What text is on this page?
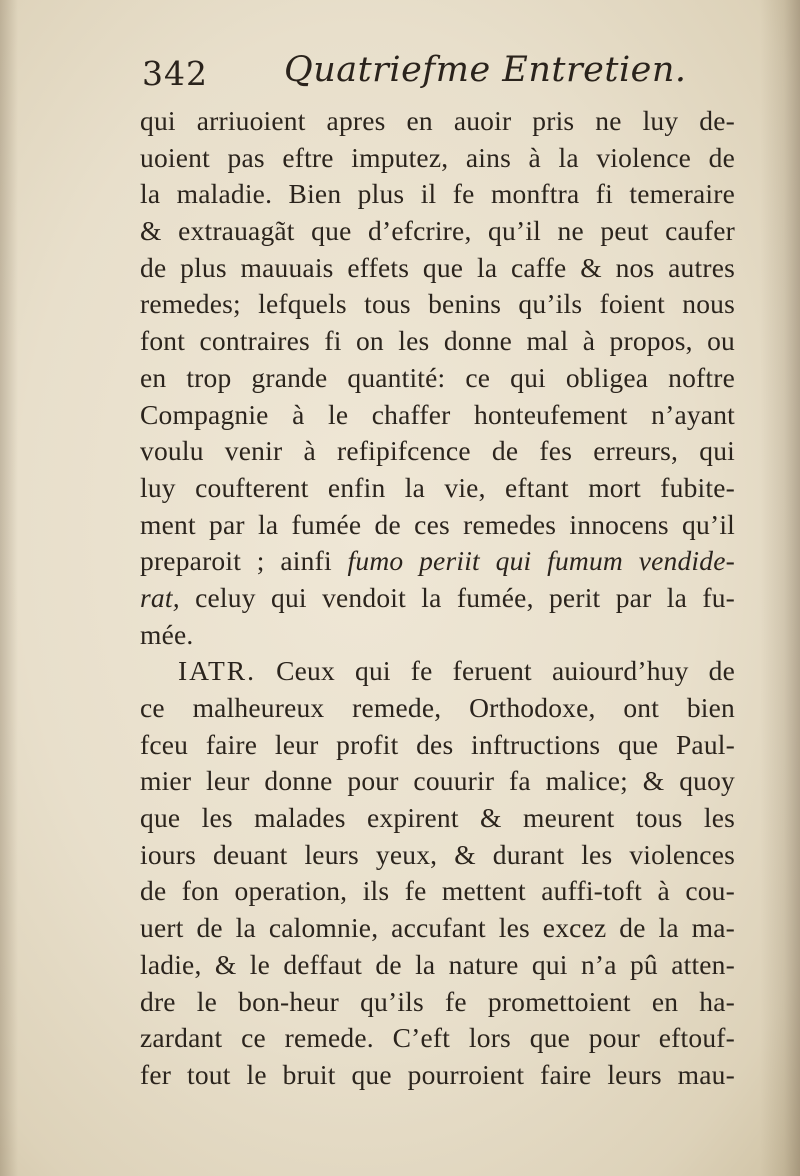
342 Quatriefme Entretien.
qui arriuoient apres en auoir pris ne luy de-
uoient pas eftre imputez, ains à la violence de
la maladie. Bien plus il fe monftra fi temeraire
& extrauagãt que d’efcrire, qu’il ne peut caufer
de plus mauuais effets que la caffe & nos autres
remedes; lefquels tous benins qu’ils foient nous
font contraires fi on les donne mal à propos, ou
en trop grande quantité: ce qui obligea noftre
Compagnie à le chaffer honteufement n’ayant
voulu venir à refipifcence de fes erreurs, qui
luy coufterent enfin la vie, eftant mort fubite-
ment par la fumée de ces remedes innocens qu’il
preparoit ; ainfi fumo periit qui fumum vendide-
rat, celuy qui vendoit la fumée, perit par la fu-
mée.
IATR. Ceux qui fe feruent auiourd’huy de
ce malheureux remede, Orthodoxe, ont bien
fceu faire leur profit des inftructions que Paul-
mier leur donne pour couurir fa malice; & quoy
que les malades expirent & meurent tous les
iours deuant leurs yeux, & durant les violences
de fon operation, ils fe mettent auffi-toft à cou-
uert de la calomnie, accufant les excez de la ma-
ladie, & le deffaut de la nature qui n’a pû atten-
dre le bon-heur qu’ils fe promettoient en ha-
zardant ce remede. C’eft lors que pour eftouf-
fer tout le bruit que pourroient faire leurs mau-
